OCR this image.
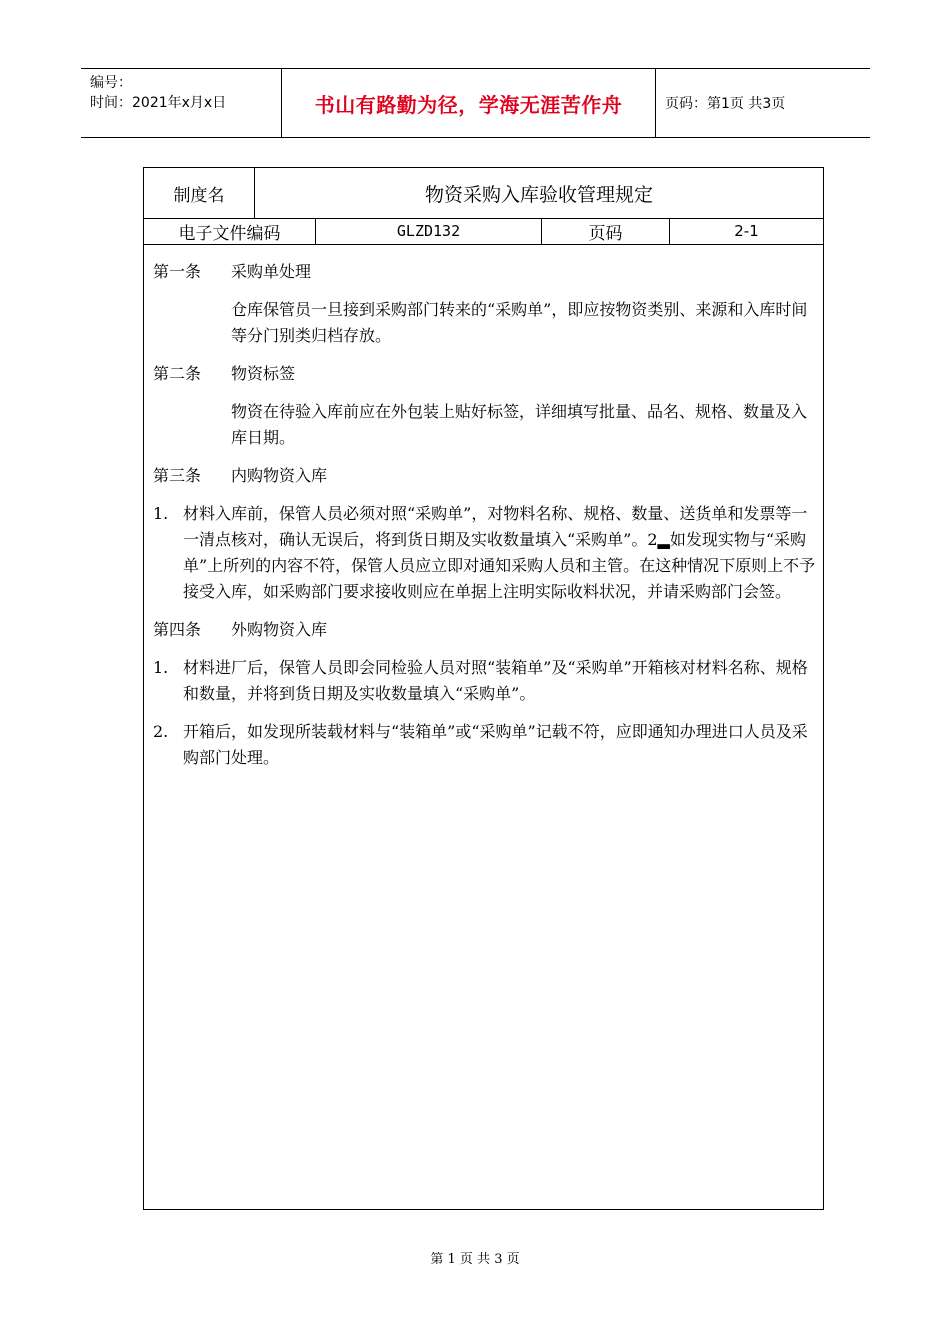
编号：
时间：2021年x月x日	书山有路勤为径，学海无涯苦作舟	页码：第1页 共3页
制度名	物资采购入库验收管理规定
电子文件编码	GLZD132	页码	2-1
第一条 采购单处理
仓库保管员一旦接到采购部门转来的“采购单”，即应按物资类别、来源和入库时间等分门别类归档存放。
第二条 物资标签
物资在待验入库前应在外包装上贴好标签，详细填写批量、品名、规格、数量及入库日期。
第三条 内购物资入库
1. 材料入库前，保管人员必须对照“采购单”，对物料名称、规格、数量、送货单和发票等一一清点核对，确认无误后，将到货日期及实收数量填入“采购单”。2▂如发现实物与“采购单”上所列的内容不符，保管人员应立即对通知采购人员和主管。在这种情况下原则上不予接受入库，如采购部门要求接收则应在单据上注明实际收料状况，并请采购部门会签。
第四条 外购物资入库
1. 材料进厂后，保管人员即会同检验人员对照“装箱单”及“采购单”开箱核对材料名称、规格和数量，并将到货日期及实收数量填入“采购单”。
2. 开箱后，如发现所装载材料与“装箱单”或“采购单”记载不符，应即通知办理进口人员及采购部门处理。
第 1 页 共 3 页
